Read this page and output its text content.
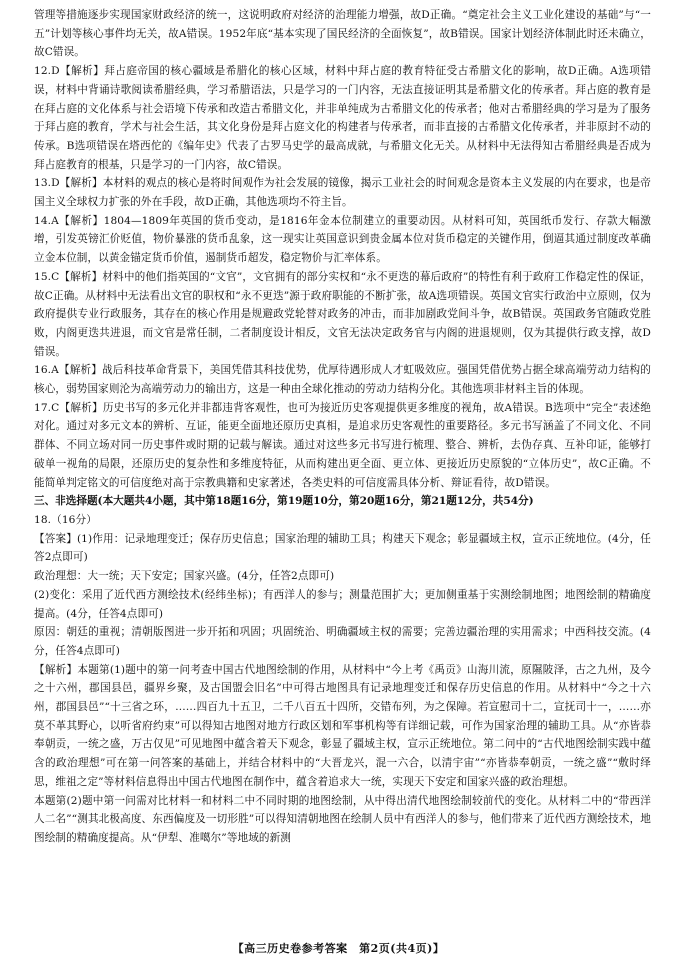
管理等措施逐步实现国家财政经济的统一，这说明政府对经济的治理能力增强，故D正确。“奠定社会主义工业化建设的基础”与“一五”计划等核心事件均无关，故A错误。1952年底“基本实现了国民经济的全面恢复”，故B错误。国家计划经济体制此时还未确立，故C错误。

12.D【解析】拜占庭帝国的核心疆域是希腊化的核心区域，材料中拜占庭的教育特征受古希腊文化的影响，故D正确。A选项错误，材料中背诵诗歌阅读希腊经典，学习希腊语法，只是学习的一门内容，无法直接证明其是希腊文化的传承者。拜占庭的教育是在拜占庭的文化体系与社会语境下传承和改造古希腊文化，并非单纯成为古希腊文化的传承者；他对古希腊经典的学习是为了服务于拜占庭的教育，学术与社会生活，其文化身份是拜占庭文化的构建者与传承者，而非直接的古希腊文化传承者，并非原封不动的传承。B选项错误在塔西佗的《编年史》代表了古罗马史学的最高成就，与希腊文化无关。从材料中无法得知古希腊经典是否成为拜占庭教育的根基，只是学习的一门内容，故C错误。

13.D【解析】本材料的观点的核心是将时间观作为社会发展的镜像，揭示工业社会的时间观念是资本主义发展的内在要求，也是帝国主义全球权力扩张的外在手段，故D正确，其他选项均不符主旨。

14.A【解析】1804—1809年英国的货币变动，是1816年金本位制建立的重要动因。从材料可知，英国纸币发行、存款大幅激增，引发英镑汇价贬值，物价暴涨的货币乱象，这一现实让英国意识到贵金属本位对货币稳定的关键作用，倒逼其通过制度改革确立金本位制，以黄金锚定货币价值，遏制货币超发，稳定物价与汇率体系。

15.C【解析】材料中的他们指英国的“文官”，文官拥有的部分实权和“永不更迭的幕后政府”的特性有利于政府工作稳定性的保证，故C正确。从材料中无法看出文官的职权和“永不更迭”源于政府职能的不断扩张，故A选项错误。英国文官实行政治中立原则，仅为政府提供专业行政服务，其存在的核心作用是规避政党轮替对政务的冲击，而非加剧政党间斗争，故B错误。英国政务官随政党胜败，内阁更迭共进退，而文官是常任制，二者制度设计相反，文官无法决定政务官与内阁的进退规则，仅为其提供行政支撑，故D错误。

16.A【解析】战后科技革命背景下，美国凭借其科技优势，优厚待遇形成人才虹吸效应。强国凭借优势占据全球高端劳动力结构的核心，弱势国家则沦为高端劳动力的输出方，这是一种由全球化推动的劳动力结构分化。其他选项非材料主旨的体现。

17.C【解析】历史书写的多元化并非都违背客观性，也可为接近历史客观提供更多维度的视角，故A错误。B选项中“完全”表述绝对化。通过对多元文本的辨析、互证，能更全面地还原历史真相，是追求历史客观性的重要路径。多元书写涵盖了不同文化、不同群体、不同立场对同一历史事件或时期的记载与解读。通过对这些多元书写进行梳理、整合、辨析，去伪存真、互补印证，能够打破单一视角的局限，还原历史的复杂性和多维度特征，从而构建出更全面、更立体、更接近历史原貌的“立体历史”，故C正确。不能简单判定铭文的可信度绝对高于宗教典籍和史家著述，各类史料的可信度需具体分析、辩证看待，故D错误。

三、非选择题(本大题共4小题，其中第18题16分，第19题10分，第20题16分，第21题12分，共54分)

18.（16分）

【答案】(1)作用：记录地理变迁；保存历史信息；国家治理的辅助工具；构建天下观念；彰显疆域主权，宣示正统地位。(4分，任答2点即可)

政治理想：大一统；天下安定；国家兴盛。(4分，任答2点即可)

(2)变化：采用了近代西方测绘技术(经纬坐标)；有西洋人的参与；测量范围扩大；更加侧重基于实测绘制地图；地图绘制的精确度提高。(4分，任答4点即可)

原因：朝廷的重视；清朝版图进一步开拓和巩固；巩固统治、明确疆域主权的需要；完善边疆治理的实用需求；中西科技交流。(4分，任答4点即可)

【解析】本题第(1)题中的第一问考查中国古代地图绘制的作用，从材料中“今上考《禹贡》山海川流，原隰陂泽，古之九州，及今之十六州，郡国县邑，疆界乡聚，及古国盟会旧名”中可得古地图具有记录地理变迁和保存历史信息的作用。从材料中“今之十六州，郡国县邑”“十三省之环，……四百九十五卫，二千八百五十四所，交错布列，为之保障。若宣慰司十二，宣抚司十一，……亦莫不革其野心，以听省府约束”可以得知古地图对地方行政区划和军事机构等有详细记载，可作为国家治理的辅助工具。从“亦皆恭奉朝贡，一统之盛，万古仅见”可见地图中蕴含着天下观念，彰显了疆域主权，宣示正统地位。第二问中的“古代地图绘制实践中蕴含的政治理想”可在第一问答案的基础上，并结合材料中的“大晋龙兴，混一六合，以清宇宙”“亦皆恭奉朝贡，一统之盛”“敷时绎思，维祖之定”等材料信息得出中国古代地图在制作中，蕴含着追求大一统，实现天下安定和国家兴盛的政治理想。

本题第(2)题中第一问需对比材料一和材料二中不同时期的地图绘制，从中得出清代地图绘制较前代的变化。从材料二中的“带西洋人二名”“测其北极高度、东西偏度及一切形胜”可以得知清朝地图在绘制人员中有西洋人的参与，他们带来了近代西方测绘技术，地图绘制的精确度提高。从“伊犁、准噶尔”等地域的新测

【高三历史卷参考答案　第2页(共4页)】
